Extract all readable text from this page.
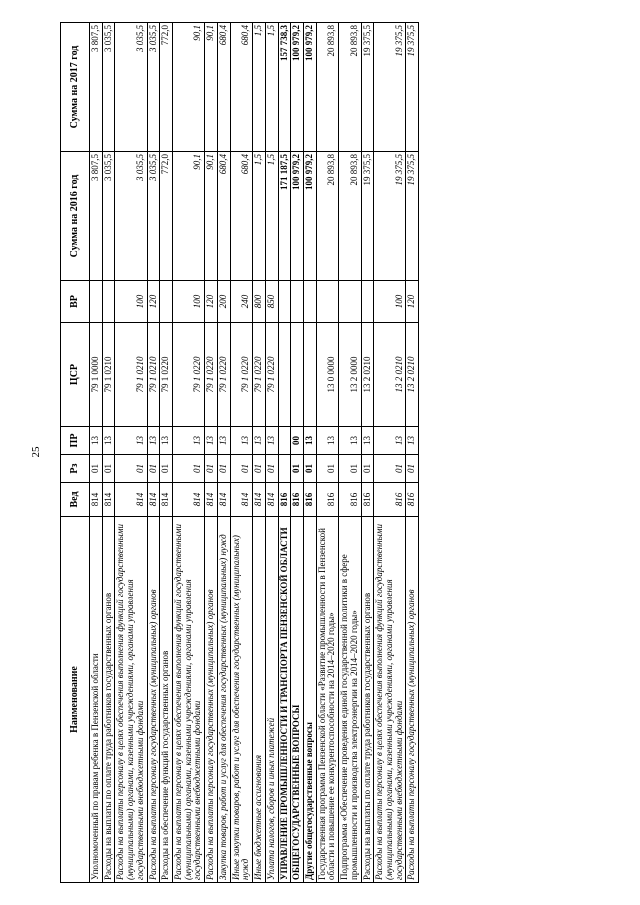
25
Наименование	Вед	Рз	ПР	ЦСР	ВР	Сумма на 2016 год	Сумма на 2017 год
Уполномоченный по правам ребенка в Пензенской области	814	01	13	79 1 0000		3 807,5	3 807,5
Расходы на выплаты по оплате труда работников государственных органов	814	01	13	79 1 0210		3 035,5	3 035,5
Расходы на выплаты персоналу в целях обеспечения выполнения функций государственными (муниципальными) органами, казенными учреждениями, органами управления государственными внебюджетными фондами	814	01	13	79 1 0210	100	3 035,5	3 035,5
Расходы на выплаты персоналу государственных (муниципальных) органов	814	01	13	79 1 0210	120	3 035,5	3 035,5
Расходы на обеспечение функций государственных органов	814	01	13	79 1 0220		772,0	772,0
Расходы на выплаты персоналу в целях обеспечения выполнения функций государственными (муниципальными) органами, казенными учреждениями, органами управления государственными внебюджетными фондами	814	01	13	79 1 0220	100	90,1	90,1
Расходы на выплаты персоналу государственных (муниципальных) органов	814	01	13	79 1 0220	120	90,1	90,1
Закупка товаров, работ и услуг для обеспечения государственных (муниципальных) нужд	814	01	13	79 1 0220	200	680,4	680,4
Иные закупки товаров, работ и услуг для обеспечения государственных (муниципальных) нужд	814	01	13	79 1 0220	240	680,4	680,4
Иные бюджетные ассигнования	814	01	13	79 1 0220	800	1,5	1,5
Уплата налогов, сборов и иных платежей	814	01	13	79 1 0220	850	1,5	1,5
УПРАВЛЕНИЕ ПРОМЫШЛЕННОСТИ И ТРАНСПОРТА ПЕНЗЕНСКОЙ ОБЛАСТИ	816					171 187,5	157 738,3
ОБЩЕГОСУДАРСТВЕННЫЕ ВОПРОСЫ	816	01	00			100 979,2	100 979,2
Другие общегосударственные вопросы	816	01	13			100 979,2	100 979,2
Государственная программа Пензенской области «Развитие промышленности в Пензенской области и повышение ее конкурентоспособности на 2014–2020 годы»	816	01	13	13 0 0000		20 893,8	20 893,8
Подпрограмма «Обеспечение проведения единой государственной политики в сфере промышленности и производства электроэнергии на 2014–2020 годы»	816	01	13	13 2 0000		20 893,8	20 893,8
Расходы на выплаты по оплате труда работников государственных органов	816	01	13	13 2 0210		19 375,5	19 375,5
Расходы на выплаты персоналу в целях обеспечения выполнения функций государственными (муниципальными) органами, казенными учреждениями, органами управления государственными внебюджетными фондами	816	01	13	13 2 0210	100	19 375,5	19 375,5
Расходы на выплаты персоналу государственных (муниципальных) органов	816	01	13	13 2 0210	120	19 375,5	19 375,5
